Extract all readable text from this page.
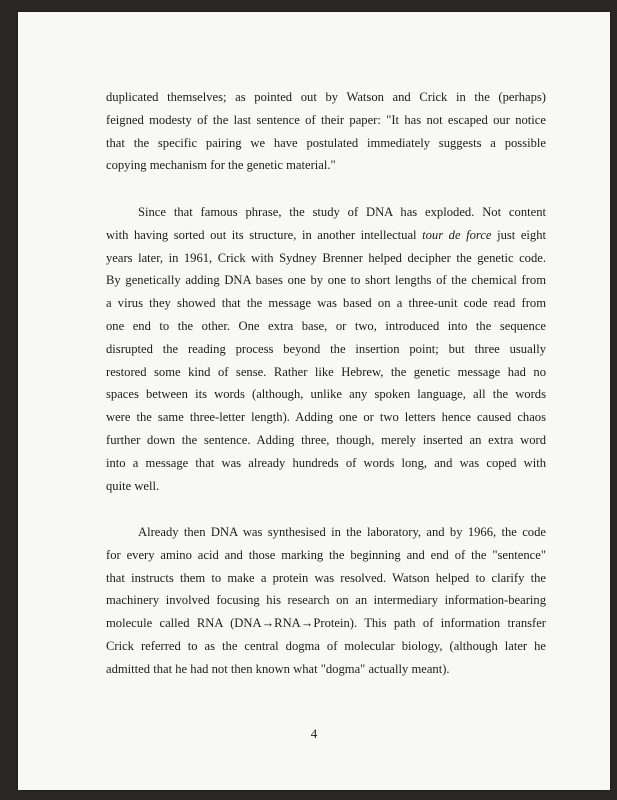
duplicated themselves; as pointed out by Watson and Crick in the (perhaps)
feigned modesty of the last sentence of their paper: "It has not escaped our notice
that the specific pairing we have postulated immediately suggests a possible
copying mechanism for the genetic material."
Since that famous phrase, the study of DNA has exploded. Not content
with having sorted out its structure, in another intellectual tour de force just eight
years later, in 1961, Crick with Sydney Brenner helped decipher the genetic code.
By genetically adding DNA bases one by one to short lengths of the chemical from
a virus they showed that the message was based on a three-unit code read from
one end to the other. One extra base, or two, introduced into the sequence
disrupted the reading process beyond the insertion point; but three usually
restored some kind of sense. Rather like Hebrew, the genetic message had no
spaces between its words (although, unlike any spoken language, all the words
were the same three-letter length). Adding one or two letters hence caused chaos
further down the sentence. Adding three, though, merely inserted an extra word
into a message that was already hundreds of words long, and was coped with
quite well.
Already then DNA was synthesised in the laboratory, and by 1966, the code
for every amino acid and those marking the beginning and end of the "sentence"
that instructs them to make a protein was resolved. Watson helped to clarify the
machinery involved focusing his research on an intermediary information-bearing
molecule called RNA (DNA→RNA→Protein). This path of information transfer
Crick referred to as the central dogma of molecular biology, (although later he
admitted that he had not then known what "dogma" actually meant).
4
